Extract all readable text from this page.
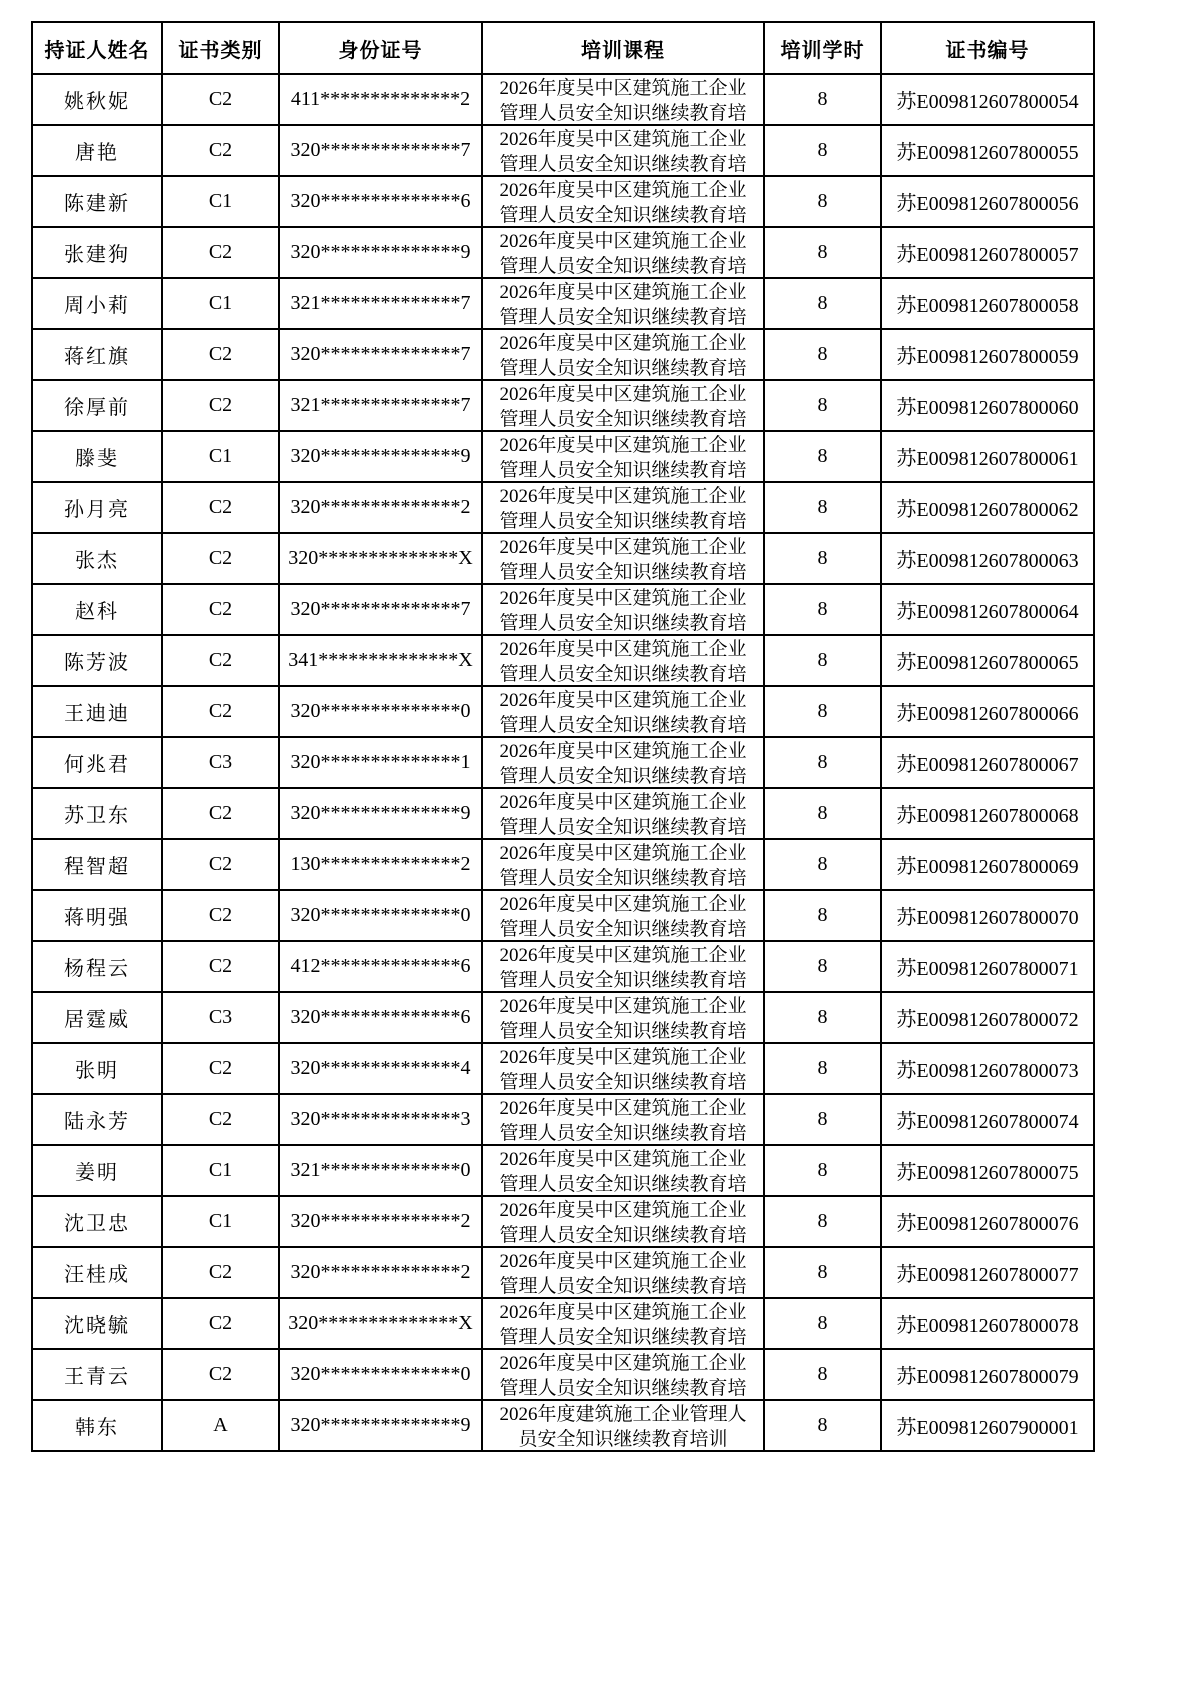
持证人姓名	证书类别	身份证号	培训课程	培训学时	证书编号
姚秋妮	C2	411**************2	2026年度吴中区建筑施工企业管理人员安全知识继续教育培	8	苏E009812607800054
唐艳	C2	320**************7	2026年度吴中区建筑施工企业管理人员安全知识继续教育培	8	苏E009812607800055
陈建新	C1	320**************6	2026年度吴中区建筑施工企业管理人员安全知识继续教育培	8	苏E009812607800056
张建狗	C2	320**************9	2026年度吴中区建筑施工企业管理人员安全知识继续教育培	8	苏E009812607800057
周小莉	C1	321**************7	2026年度吴中区建筑施工企业管理人员安全知识继续教育培	8	苏E009812607800058
蒋红旗	C2	320**************7	2026年度吴中区建筑施工企业管理人员安全知识继续教育培	8	苏E009812607800059
徐厚前	C2	321**************7	2026年度吴中区建筑施工企业管理人员安全知识继续教育培	8	苏E009812607800060
滕斐	C1	320**************9	2026年度吴中区建筑施工企业管理人员安全知识继续教育培	8	苏E009812607800061
孙月亮	C2	320**************2	2026年度吴中区建筑施工企业管理人员安全知识继续教育培	8	苏E009812607800062
张杰	C2	320**************X	2026年度吴中区建筑施工企业管理人员安全知识继续教育培	8	苏E009812607800063
赵科	C2	320**************7	2026年度吴中区建筑施工企业管理人员安全知识继续教育培	8	苏E009812607800064
陈芳波	C2	341**************X	2026年度吴中区建筑施工企业管理人员安全知识继续教育培	8	苏E009812607800065
王迪迪	C2	320**************0	2026年度吴中区建筑施工企业管理人员安全知识继续教育培	8	苏E009812607800066
何兆君	C3	320**************1	2026年度吴中区建筑施工企业管理人员安全知识继续教育培	8	苏E009812607800067
苏卫东	C2	320**************9	2026年度吴中区建筑施工企业管理人员安全知识继续教育培	8	苏E009812607800068
程智超	C2	130**************2	2026年度吴中区建筑施工企业管理人员安全知识继续教育培	8	苏E009812607800069
蒋明强	C2	320**************0	2026年度吴中区建筑施工企业管理人员安全知识继续教育培	8	苏E009812607800070
杨程云	C2	412**************6	2026年度吴中区建筑施工企业管理人员安全知识继续教育培	8	苏E009812607800071
居霆威	C3	320**************6	2026年度吴中区建筑施工企业管理人员安全知识继续教育培	8	苏E009812607800072
张明	C2	320**************4	2026年度吴中区建筑施工企业管理人员安全知识继续教育培	8	苏E009812607800073
陆永芳	C2	320**************3	2026年度吴中区建筑施工企业管理人员安全知识继续教育培	8	苏E009812607800074
姜明	C1	321**************0	2026年度吴中区建筑施工企业管理人员安全知识继续教育培	8	苏E009812607800075
沈卫忠	C1	320**************2	2026年度吴中区建筑施工企业管理人员安全知识继续教育培	8	苏E009812607800076
汪桂成	C2	320**************2	2026年度吴中区建筑施工企业管理人员安全知识继续教育培	8	苏E009812607800077
沈晓毓	C2	320**************X	2026年度吴中区建筑施工企业管理人员安全知识继续教育培	8	苏E009812607800078
王青云	C2	320**************0	2026年度吴中区建筑施工企业管理人员安全知识继续教育培	8	苏E009812607800079
韩东	A	320**************9	2026年度建筑施工企业管理人员安全知识继续教育培训	8	苏E009812607900001
